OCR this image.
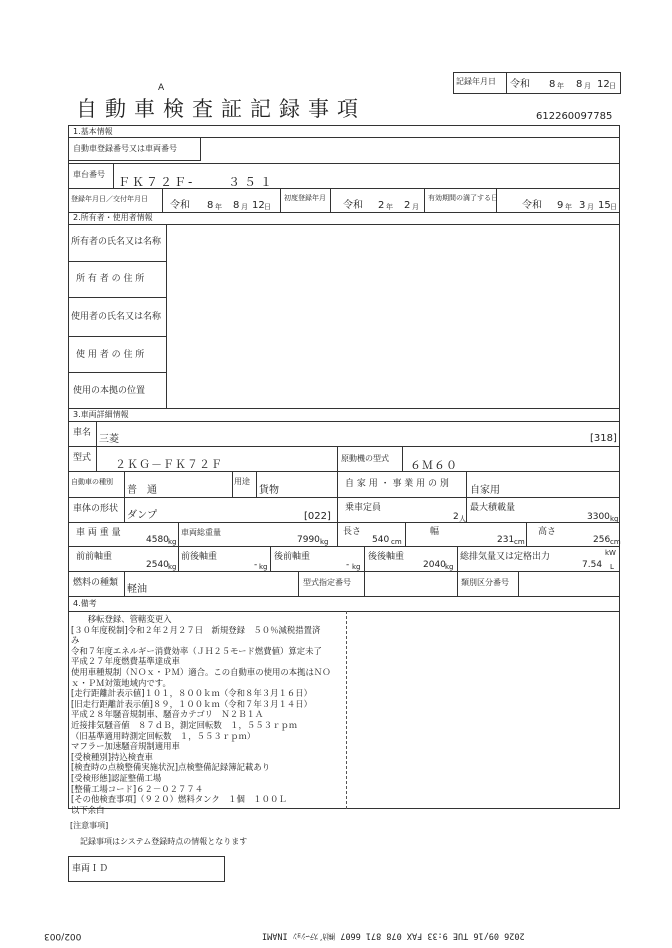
A
自動車検査証記録事項
記録年月日 令和 8 年 8 月 12 日
612260097785
1.基本情報
自動車登録番号又は車両番号
車台番号
ＦＫ７２Ｆ-	３５１
登録年月日／交付年月日
令和 8 年 8 月 12 日
初度登録年月
令和 2 年 2 月
有効期間の満了する日
令和 9 年 3 月 15 日
2.所有者・使用者情報
所有者の氏名又は名称
所 有 者 の 住 所
使用者の氏名又は名称
使 用 者 の 住 所
使用の本拠の位置
3.車両詳細情報
車名
三菱	[318]
型式 ２ＫＧ－ＦＫ７２Ｆ	原動機の型式
６Ｍ６０
自動車の種別
普　通
用途
貨物
自 家 用 ・ 事 業 用 の 別
自家用
車体の形状
ダンプ	[022]
乗車定員
2 人
最大積載量
3300 kg
車 両 重 量
4580 kg
車両総重量
7990 kg
長さ
540 cm
幅
231 cm
高さ
256 cm
前前軸重
2540 kg
前後軸重
- kg
後前軸重
- kg
後後軸重
2040 kg
総排気量又は定格出力	kW
7.54 L
燃料の種類
軽油
型式指定番号	類別区分番号
4.備考
　　移転登録、管轄変更入
[３０年度税制]令和２年２月２７日　新規登録　５０％減税措置済
み
令和７年度エネルギー消費効率（ＪＨ２５モード燃費値）算定未了
平成２７年度燃費基準達成車
使用車種規制（ＮＯｘ・ＰＭ）適合。この自動車の使用の本拠はＮＯ
ｘ・ＰＭ対策地域内です。
[走行距離計表示値]１０１，８００ｋｍ（令和８年３月１６日）
[旧走行距離計表示値]８９，１００ｋｍ（令和７年３月１４日）
平成２８年騒音規制車、騒音カテゴリ　Ｎ２Ｂ１Ａ
近接排気騒音値　８７ｄＢ，測定回転数　１，５５３ｒｐｍ
（旧基準適用時測定回転数　１，５５３ｒｐｍ）
マフラー加速騒音規制適用車
[受検種別]持込検査車
[検査時の点検整備実施状況]点検整備記録簿記載あり
[受検形態]認証整備工場
[整備工場コード]６２－０２７７４
[その他検査事項]（９２０）燃料タンク　１個　１００Ｌ
以下余白
[注意事項]
記録事項はシステム登録時点の情報となります
車両ＩＤ
002/003	2026 09/16 TUE 9:33 FAX 078 871 6607 ㈱ｶﾞｽﾃｰｼｮﾝ INAMI
